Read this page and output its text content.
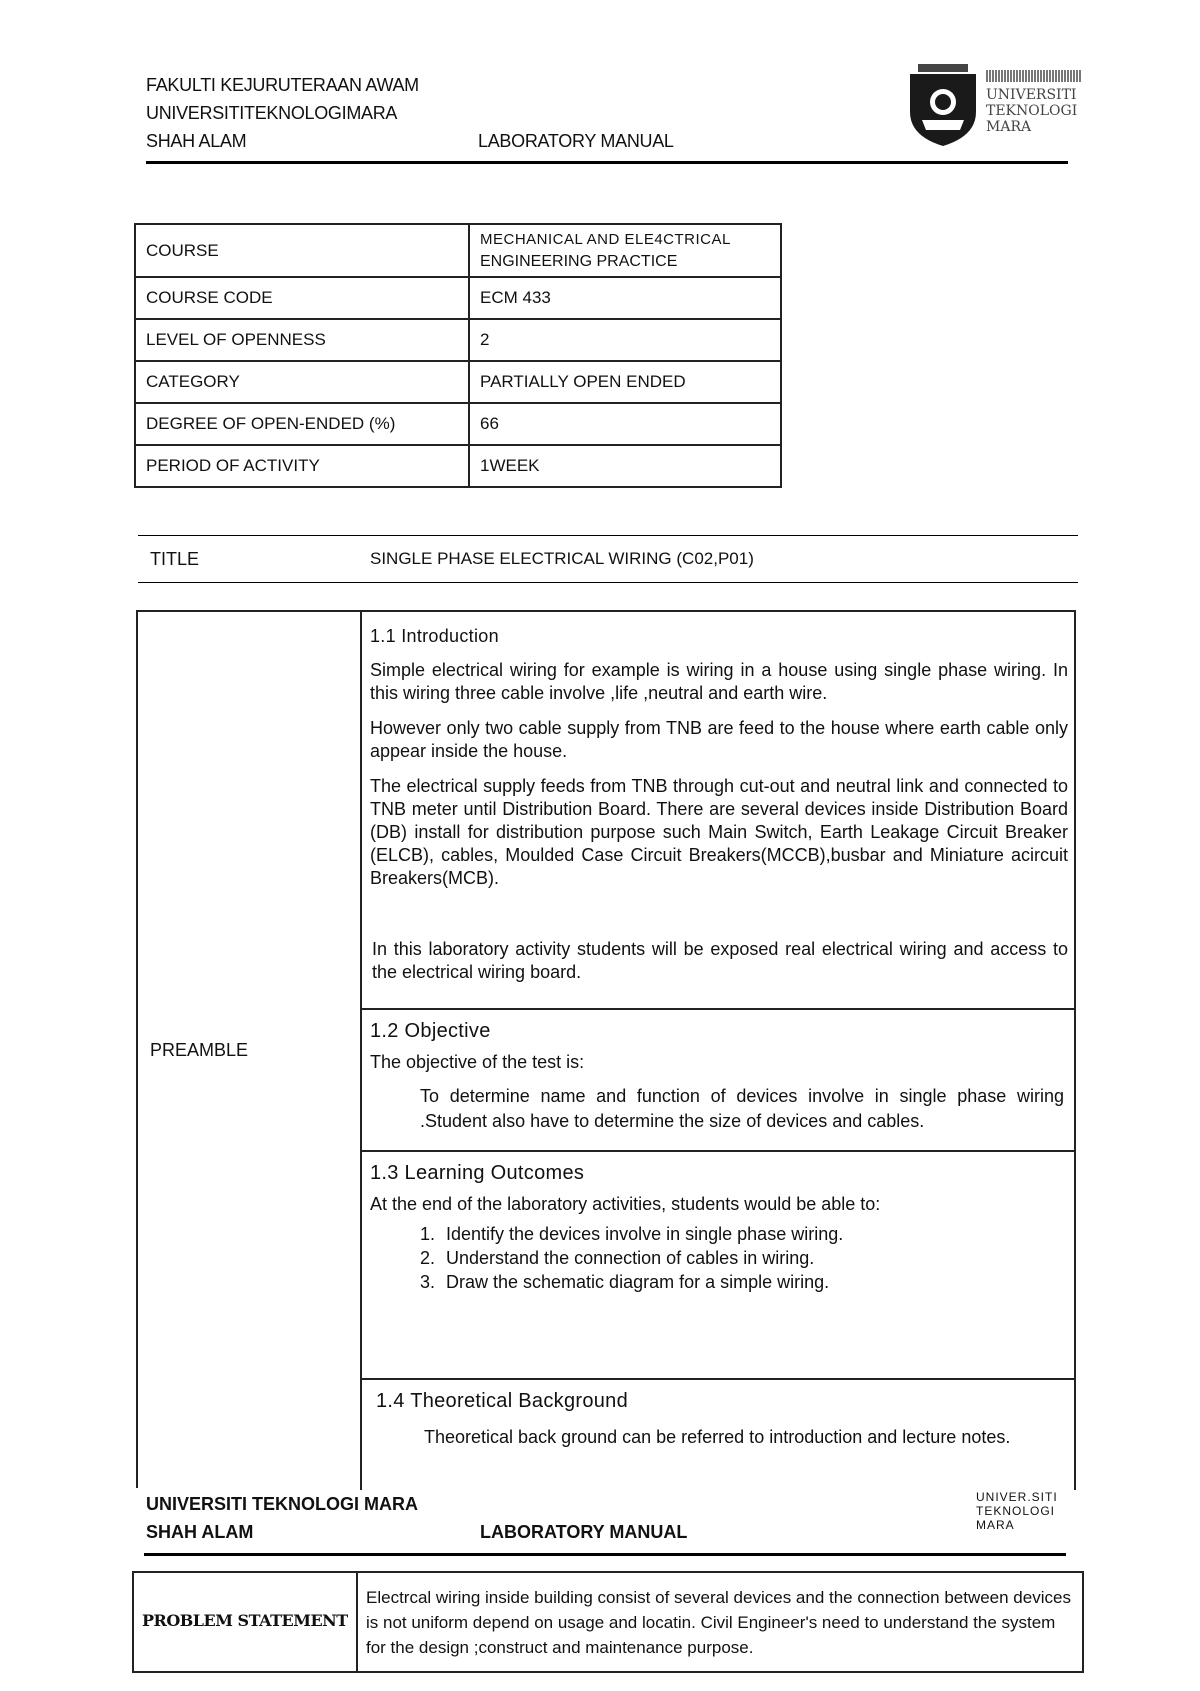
FAKULTI KEJURUTERAAN AWAM
UNIVERSITITEKNOLOGIMARA
SHAH ALAM	LABORATORY MANUAL
UNIVERSITI
TEKNOLOGI
MARA
COURSE	MECHANICAL AND ELE4CTRICAL
ENGINEERING PRACTICE

COURSE CODE	ECM 433
LEVEL OF OPENNESS	2
CATEGORY	PARTIALLY OPEN ENDED
DEGREE OF OPEN-ENDED (%)	66
PERIOD OF ACTIVITY	1WEEK
TITLE	SINGLE PHASE ELECTRICAL WIRING (C02,P01)
PREAMBLE
1.1 Introduction

Simple electrical wiring for example is wiring in a house using single phase wiring. In this wiring three cable involve ,life ,neutral and earth wire.

However only two cable supply from TNB are feed to the house where earth cable only appear inside the house.

The electrical supply feeds from TNB through cut-out and neutral link and connected to TNB meter until Distribution Board. There are several devices inside Distribution Board (DB) install for distribution purpose such Main Switch, Earth Leakage Circuit Breaker (ELCB), cables, Moulded Case Circuit Breakers(MCCB),busbar and Miniature acircuit Breakers(MCB).

In this laboratory activity students will be exposed real electrical wiring and access to the electrical wiring board.

1.2 Objective

The objective of the test is:

To determine name and function of devices involve in single phase wiring .Student also have to determine the size of devices and cables.

1.3 Learning Outcomes

At the end of the laboratory activities, students would be able to:

1. Identify the devices involve in single phase wiring.
2. Understand the connection of cables in wiring.
3. Draw the schematic diagram for a simple wiring.
1.4 Theoretical Background

Theoretical back ground can be referred to introduction and lecture notes.

UNIVERSITI TEKNOLOGI MARA
SHAH ALAM	LABORATORY MANUAL
UNIVER.SITI
TEKNOLOGI
MARA
PROBLEM STATEMENT
Electrcal wiring inside building consist of several devices and the connection between devices is not uniform depend on usage and locatin. Civil Engineer's need to understand the system for the design ;construct and maintenance purpose.
